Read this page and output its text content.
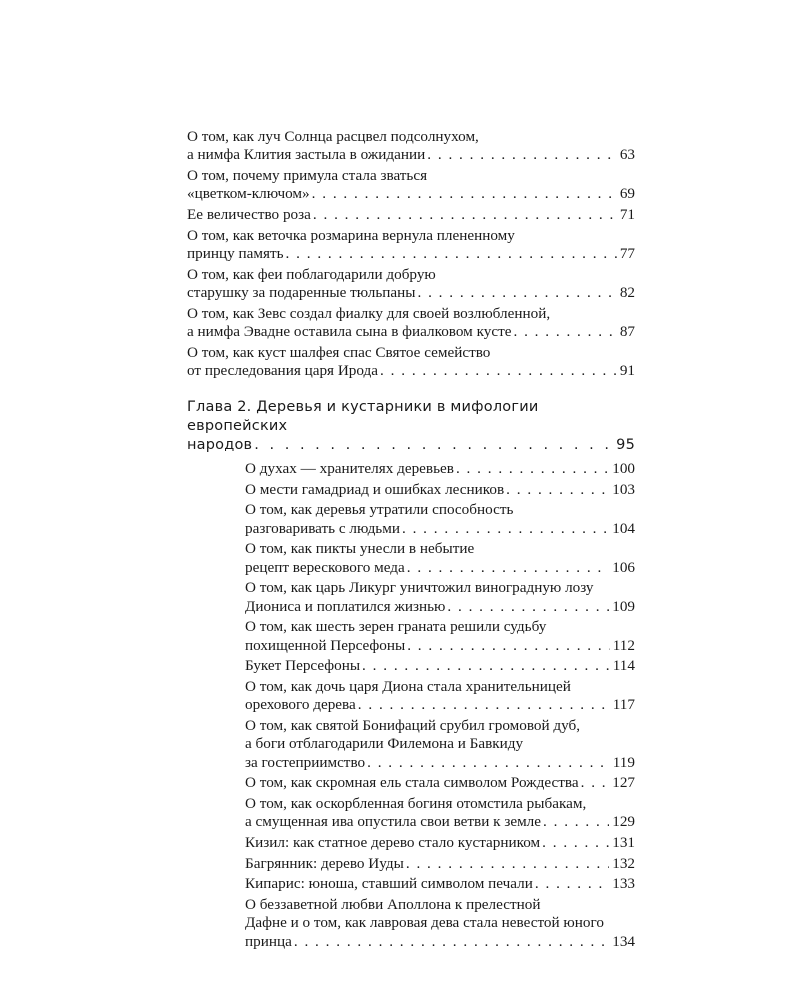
О том, как луч Солнца расцвел подсолнухом,
а нимфа Клития застыла в ожидании . . .	63
О том, почему примула стала зваться
«цветком-ключом» . . .	69
Ее величество роза . . .	71
О том, как веточка розмарина вернула плененному
принцу память . . .	77
О том, как феи поблагодарили добрую
старушку за подаренные тюльпаны . . .	82
О том, как Зевс создал фиалку для своей возлюбленной,
а нимфа Эвадне оставила сына в фиалковом кусте . . .	87
О том, как куст шалфея спас Святое семейство
от преследования царя Ирода . . .	91
Глава 2. Деревья и кустарники в мифологии европейских
народов . . .	95
О духах — хранителях деревьев . . .	100
О мести гамадриад и ошибках лесников . . .	103
О том, как деревья утратили способность
разговаривать с людьми . . .	104
О том, как пикты унесли в небытие
рецепт верескового меда . . .	106
О том, как царь Ликург уничтожил виноградную лозу
Диониса и поплатился жизнью . . .	109
О том, как шесть зерен граната решили судьбу
похищенной Персефоны . . .	112
Букет Персефоны . . .	114
О том, как дочь царя Диона стала хранительницей
орехового дерева . . .	117
О том, как святой Бонифаций срубил громовой дуб,
а боги отблагодарили Филемона и Бавкиду
за гостеприимство . . .	119
О том, как скромная ель стала символом Рождества . . . 127
О том, как оскорбленная богиня отомстила рыбакам,
а смущенная ива опустила свои ветви к земле . . .	129
Кизил: как статное дерево стало кустарником . . .	131
Багрянник: дерево Иуды . . .	132
Кипарис: юноша, ставший символом печали . . .	133
О беззаветной любви Аполлона к прелестной
Дафне и о том, как лавровая дева стала невестой юного
принца . . .	134
